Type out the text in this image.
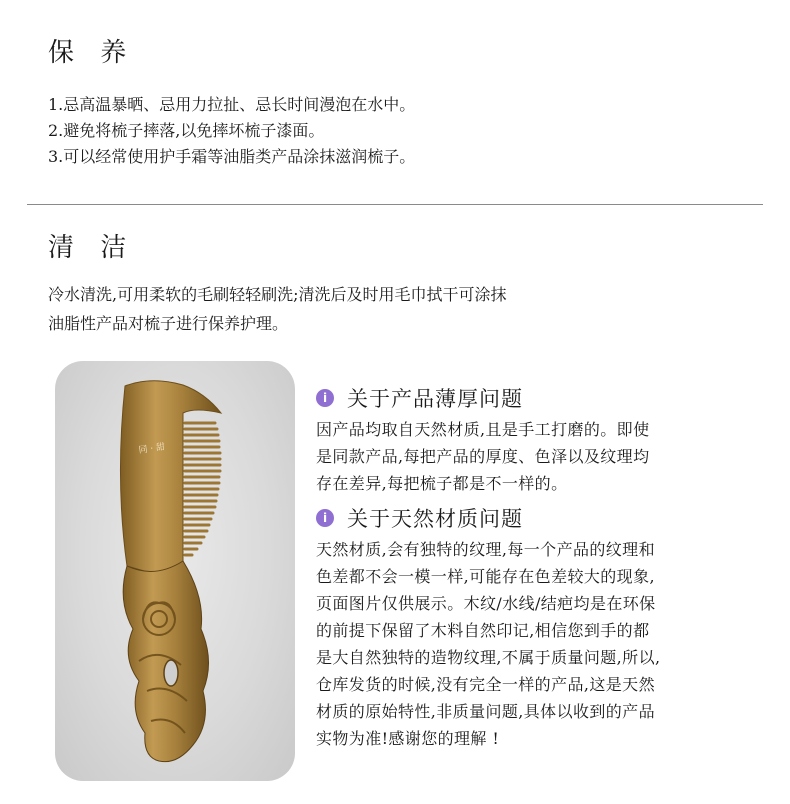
保 养
1.忌高温暴晒、忌用力拉扯、忌长时间漫泡在水中。
2.避免将梳子摔落,以免摔坏梳子漆面。
3.可以经常使用护手霜等油脂类产品涂抹滋润梳子。
清 洁
冷水清洗,可用柔软的毛刷轻轻刷洗;清洗后及时用毛巾拭干可涂抹
油脂性产品对梳子进行保养护理。
同 · 甜
i 关于产品薄厚问题
因产品均取自天然材质,且是手工打磨的。即使
是同款产品,每把产品的厚度、色泽以及纹理均
存在差异,每把梳子都是不一样的。
i 关于天然材质问题
天然材质,会有独特的纹理,每一个产品的纹理和
色差都不会一模一样,可能存在色差较大的现象,
页面图片仅供展示。木纹/水线/结疤均是在环保
的前提下保留了木料自然印记,相信您到手的都
是大自然独特的造物纹理,不属于质量问题,所以,
仓库发货的时候,没有完全一样的产品,这是天然
材质的原始特性,非质量问题,具体以收到的产品
实物为准!感谢您的理解 !
